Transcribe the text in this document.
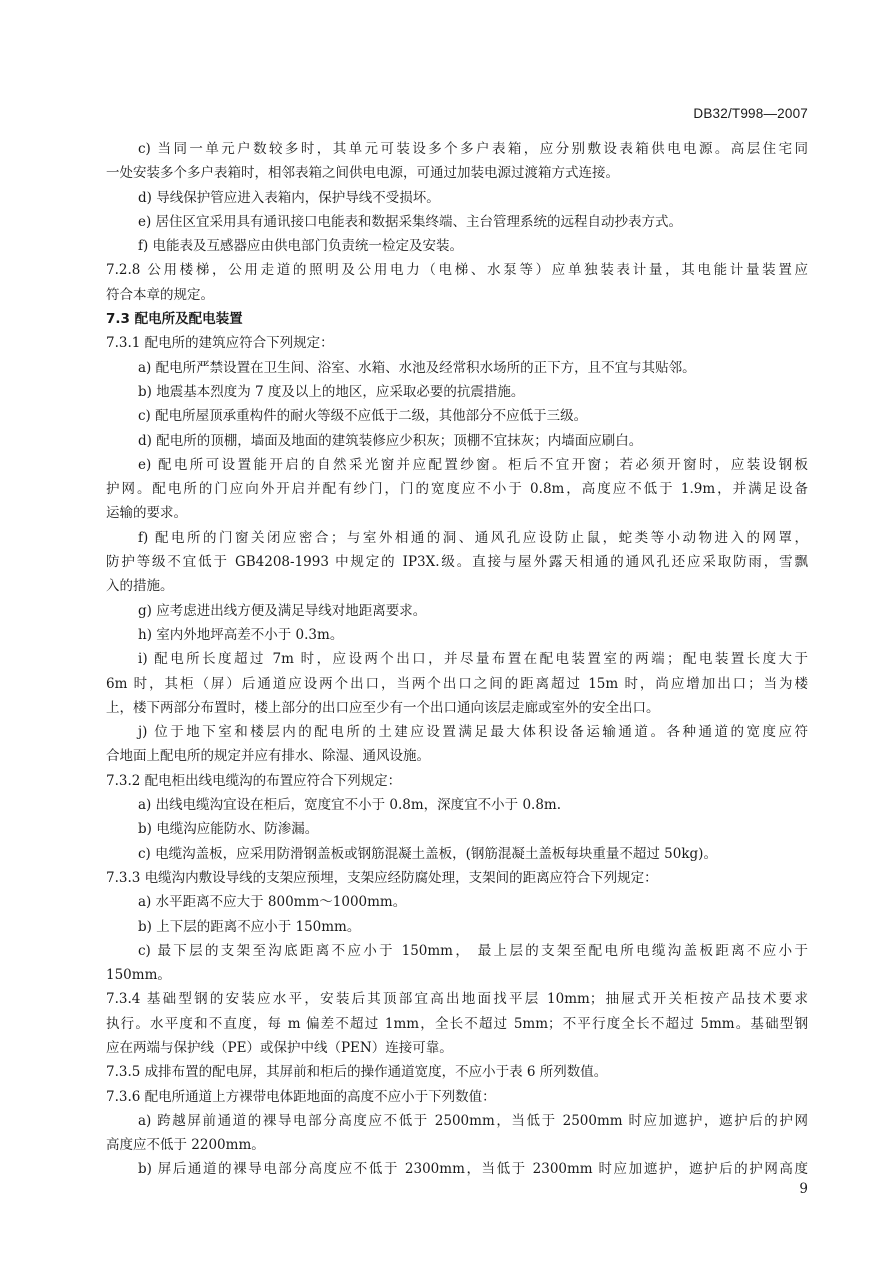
DB32/T998—2007
c) 当同一单元户数较多时，其单元可装设多个多户表箱，应分别敷设表箱供电电源。高层住宅同
一处安装多个多户表箱时，相邻表箱之间供电电源，可通过加装电源过渡箱方式连接。
d) 导线保护管应进入表箱内，保护导线不受损坏。
e) 居住区宜采用具有通讯接口电能表和数据采集终端、主台管理系统的远程自动抄表方式。
f) 电能表及互感器应由供电部门负责统一检定及安装。
7.2.8 公用楼梯，公用走道的照明及公用电力（电梯、水泵等）应单独装表计量，其电能计量装置应
符合本章的规定。
7.3 配电所及配电装置
7.3.1 配电所的建筑应符合下列规定：
a) 配电所严禁设置在卫生间、浴室、水箱、水池及经常积水场所的正下方，且不宜与其贴邻。
b) 地震基本烈度为 7 度及以上的地区，应采取必要的抗震措施。
c) 配电所屋顶承重构件的耐火等级不应低于二级，其他部分不应低于三级。
d) 配电所的顶棚，墙面及地面的建筑装修应少积灰；顶棚不宜抹灰；内墙面应刷白。
e) 配电所可设置能开启的自然采光窗并应配置纱窗。柜后不宜开窗；若必须开窗时，应装设钢板
护网。配电所的门应向外开启并配有纱门，门的宽度应不小于 0.8m，高度应不低于 1.9m，并满足设备
运输的要求。
f) 配电所的门窗关闭应密合；与室外相通的洞、通风孔应设防止鼠，蛇类等小动物进入的网罩，
防护等级不宜低于 GB4208-1993 中规定的 IP3X.级。直接与屋外露天相通的通风孔还应采取防雨，雪飘
入的措施。
g) 应考虑进出线方便及满足导线对地距离要求。
h) 室内外地坪高差不小于 0.3m。
i) 配电所长度超过 7m 时，应设两个出口，并尽量布置在配电装置室的两端；配电装置长度大于
6m 时，其柜（屏）后通道应设两个出口，当两个出口之间的距离超过 15m 时，尚应增加出口；当为楼
上，楼下两部分布置时，楼上部分的出口应至少有一个出口通向该层走廊或室外的安全出口。
j) 位于地下室和楼层内的配电所的土建应设置满足最大体积设备运输通道。各种通道的宽度应符
合地面上配电所的规定并应有排水、除湿、通风设施。
7.3.2 配电柜出线电缆沟的布置应符合下列规定：
a) 出线电缆沟宜设在柜后，宽度宜不小于 0.8m，深度宜不小于 0.8m.
b) 电缆沟应能防水、防渗漏。
c) 电缆沟盖板，应采用防滑钢盖板或钢筋混凝土盖板，(钢筋混凝土盖板每块重量不超过 50kg)。
7.3.3 电缆沟内敷设导线的支架应预埋，支架应经防腐处理，支架间的距离应符合下列规定：
a) 水平距离不应大于 800mm～1000mm。
b) 上下层的距离不应小于 150mm。
c) 最下层的支架至沟底距离不应小于 150mm， 最上层的支架至配电所电缆沟盖板距离不应小于
150mm。
7.3.4 基础型钢的安装应水平，安装后其顶部宜高出地面找平层 10mm；抽屉式开关柜按产品技术要求
执行。水平度和不直度，每 m 偏差不超过 1mm，全长不超过 5mm；不平行度全长不超过 5mm。基础型钢
应在两端与保护线（PE）或保护中线（PEN）连接可靠。
7.3.5 成排布置的配电屏，其屏前和柜后的操作通道宽度，不应小于表 6 所列数值。
7.3.6 配电所通道上方裸带电体距地面的高度不应小于下列数值：
a) 跨越屏前通道的裸导电部分高度应不低于 2500mm，当低于 2500mm 时应加遮护，遮护后的护网
高度应不低于 2200mm。
b) 屏后通道的裸导电部分高度应不低于 2300mm，当低于 2300mm 时应加遮护，遮护后的护网高度
9
